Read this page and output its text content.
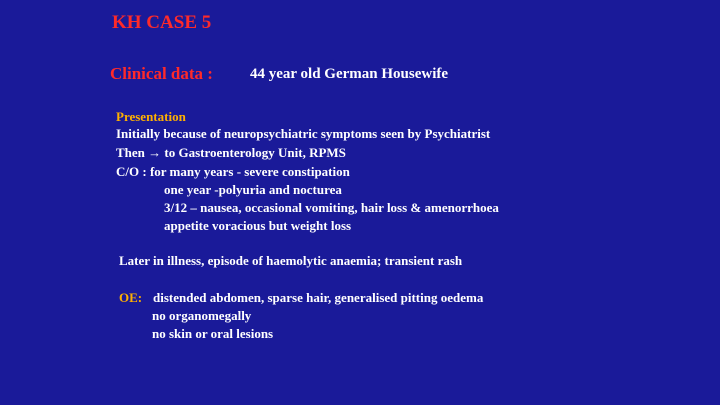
KH CASE 5
Clinical data : 44 year old German Housewife
Presentation
Initially because of neuropsychiatric symptoms seen by Psychiatrist
Then → to Gastroenterology Unit, RPMS
C/O : for many years - severe constipation
one year -polyuria and nocturea
3/12 – nausea, occasional vomiting, hair loss & amenorrhoea
appetite voracious but weight loss
Later in illness, episode of haemolytic anaemia; transient rash
OE: distended abdomen, sparse hair, generalised pitting oedema
no organomegally
no skin or oral lesions
